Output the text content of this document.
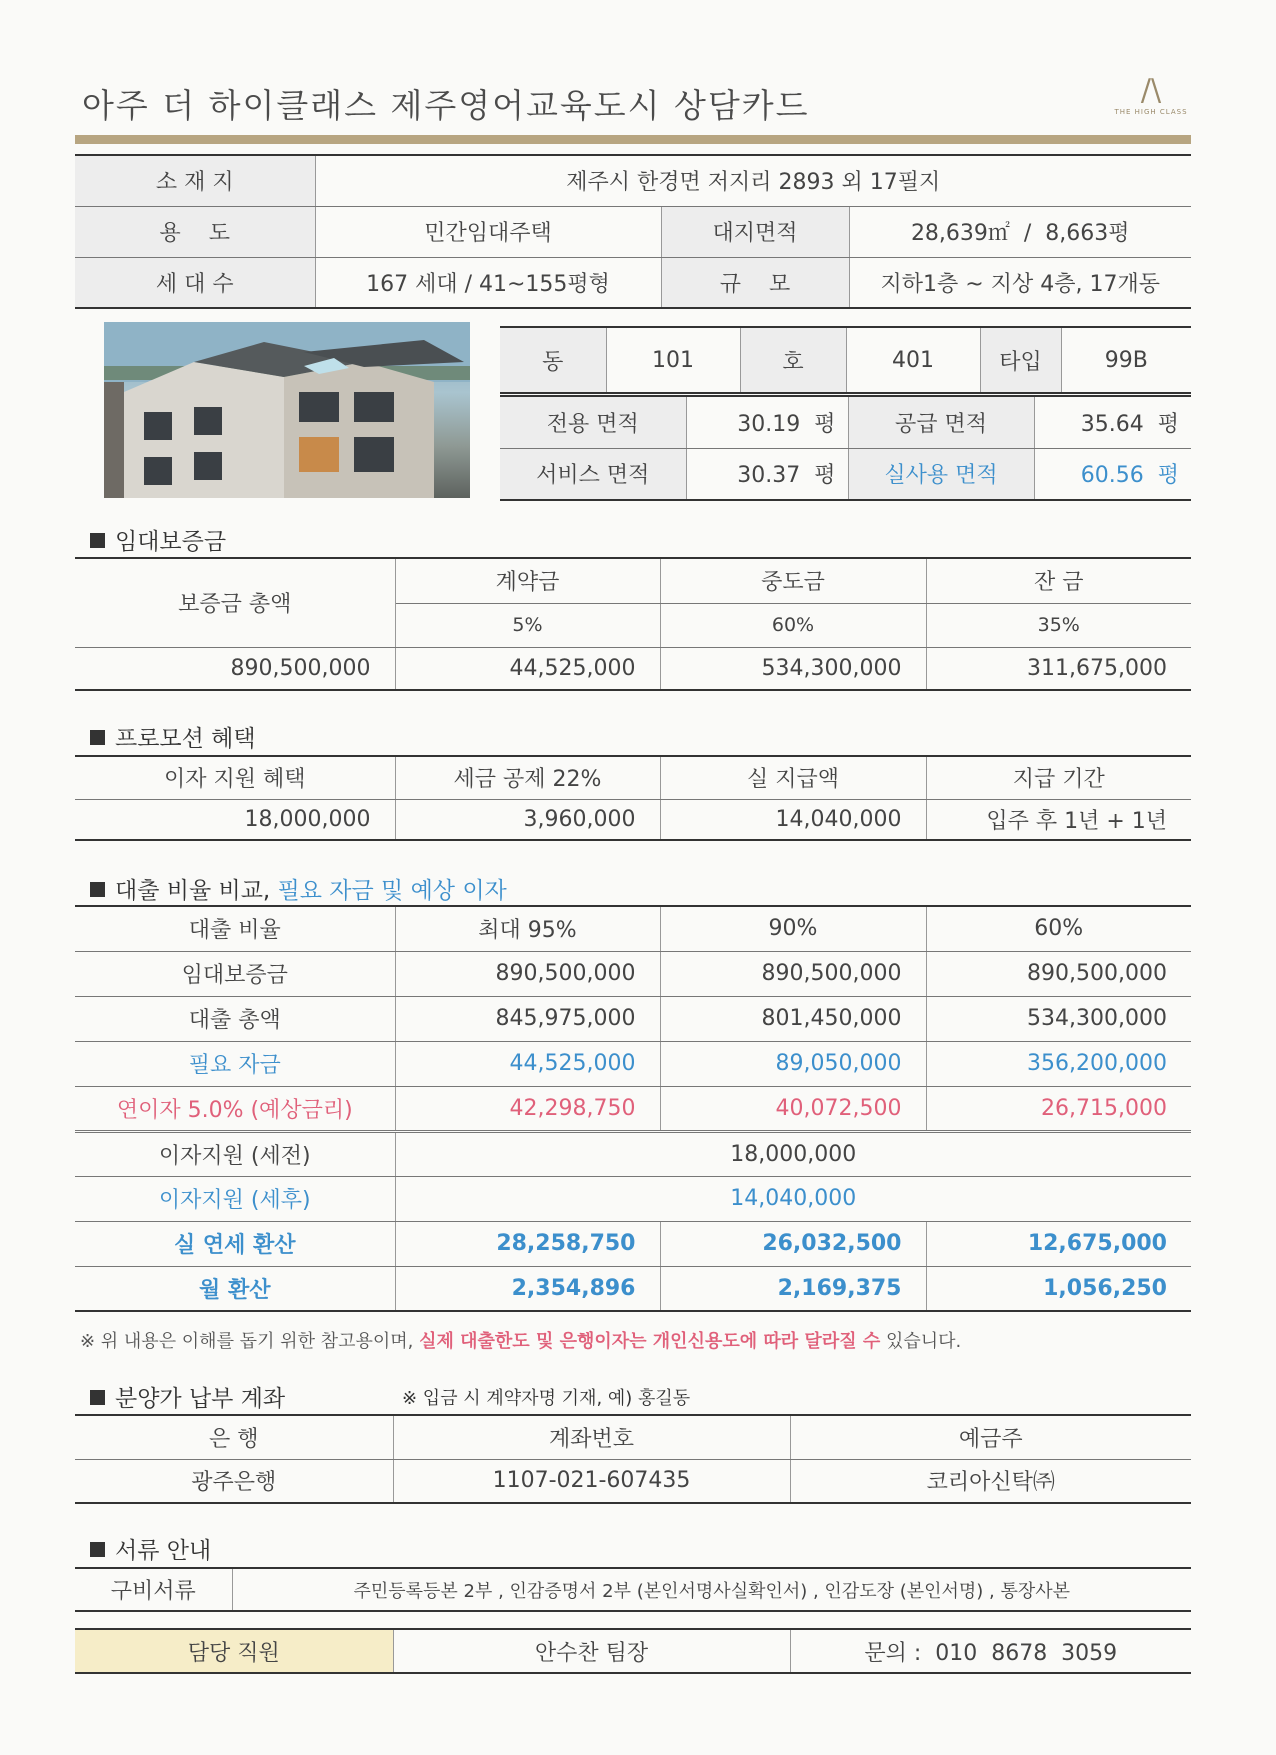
아주 더 하이클래스 제주영어교육도시 상담카드	/\
THE HIGH CLASS
소 재 지	제주시 한경면 저지리 2893 외 17필지		
용    도	민간임대주택	대지면적	28,639㎡  /  8,663평
세 대 수	167 세대 / 41~155평형	규    모	지하1층 ~ 지상 4층, 17개동
동	101	호	401	타입	99B
전용 면적	30.19  평	공급 면적	35.64  평
서비스 면적	30.37  평	실사용 면적	60.56  평
임대보증금
보증금 총액	계약금	중도금	잔 금
	5%	60%	35%
890,500,000	44,525,000	534,300,000	311,675,000
프로모션 혜택
이자 지원 혜택	세금 공제 22%	실 지급액	지급 기간
18,000,000	3,960,000	14,040,000	입주 후 1년 + 1년
대출 비율 비교, 필요 자금 및 예상 이자
대출 비율	최대 95%	90%	60%
임대보증금	890,500,000	890,500,000	890,500,000
대출 총액	845,975,000	801,450,000	534,300,000
필요 자금	44,525,000	89,050,000	356,200,000
연이자 5.0% (예상금리)	42,298,750	40,072,500	26,715,000
이자지원 (세전)	18,000,000		
이자지원 (세후)	14,040,000		
실 연세 환산	28,258,750	26,032,500	12,675,000
월 환산	2,354,896	2,169,375	1,056,250
※ 위 내용은 이해를 돕기 위한 참고용이며, 실제 대출한도 및 은행이자는 개인신용도에 따라 달라질 수 있습니다.
분양가 납부 계좌	※ 입금 시 계약자명 기재, 예) 홍길동
은 행	계좌번호	예금주
광주은행	1107-021-607435	코리아신탁㈜
서류 안내
구비서류	주민등록등본 2부 , 인감증명서 2부 (본인서명사실확인서) , 인감도장 (본인서명) , 통장사본
담당 직원	안수찬 팀장	문의 :  010  8678  3059
